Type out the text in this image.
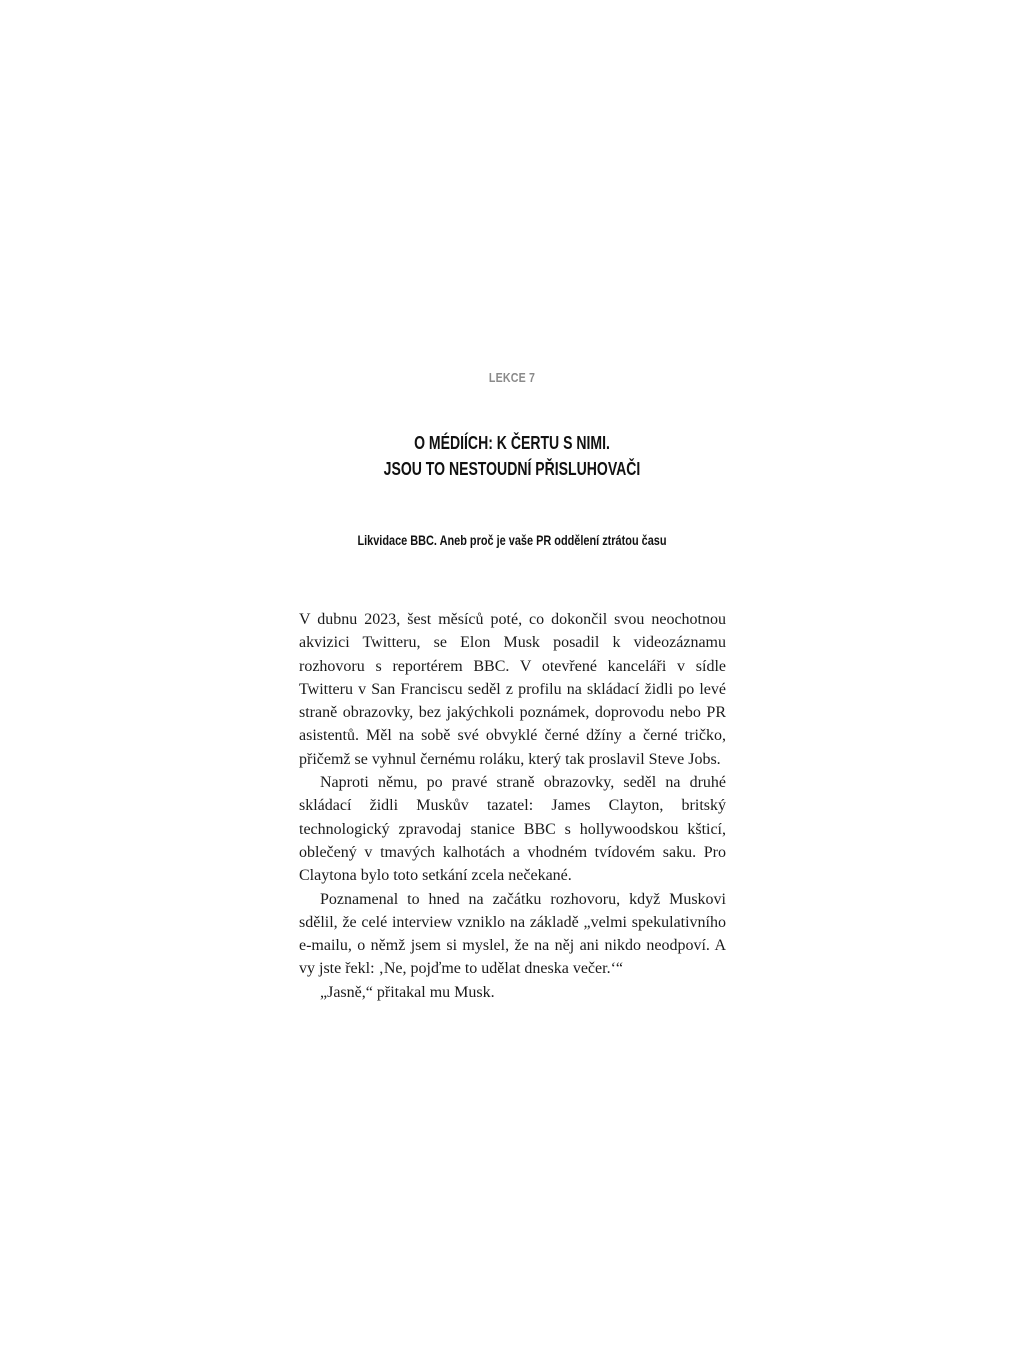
LEKCE 7
O MÉDIÍCH: K ČERTU S NIMI.
JSOU TO NESTOUDNÍ PŘISLUHOVAČI
Likvidace BBC. Aneb proč je vaše PR oddělení ztrátou času

V dubnu 2023, šest měsíců poté, co dokončil svou neochotnou akvizici Twitteru, se Elon Musk posadil k videozáznamu rozhovoru s reportérem BBC. V otevřené kanceláři v sídle Twitteru v San Franciscu seděl z profilu na skládací židli po levé straně obrazovky, bez jakýchkoli poznámek, doprovodu nebo PR asistentů. Měl na sobě své obvyklé černé džíny a černé tričko, přičemž se vyhnul černému roláku, který tak proslavil Steve Jobs.

Naproti němu, po pravé straně obrazovky, seděl na druhé skládací židli Muskův tazatel: James Clayton, britský technologický zpravodaj stanice BBC s hollywoodskou kšticí, oblečený v tmavých kalhotách a vhodném tvídovém saku. Pro Claytona bylo toto setkání zcela nečekané.

Poznamenal to hned na začátku rozhovoru, když Muskovi sdělil, že celé interview vzniklo na základě „velmi spekulativního e-mailu, o němž jsem si myslel, že na něj ani nikdo neodpoví. A vy jste řekl: ‚Ne, pojďme to udělat dneska večer.‘“

„Jasně,“ přitakal mu Musk.
